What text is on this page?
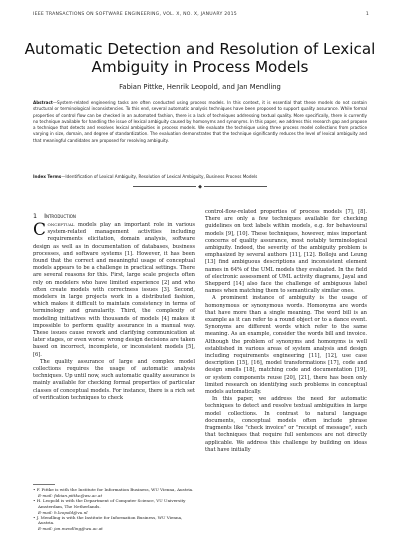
IEEE TRANSACTIONS ON SOFTWARE ENGINEERING, VOL. X, NO. X, JANUARY 2015	1
Automatic Detection and Resolution of Lexical
Ambiguity in Process Models
Fabian Pittke, Henrik Leopold, and Jan Mendling

Abstract—System-related engineering tasks are often conducted using process models. In this context, it is essential that these models do not contain structural or terminological inconsistencies. To this end, several automatic analysis techniques have been proposed to support quality assurance. While formal properties of control flow can be checked in an automated fashion, there is a lack of techniques addressing textual quality. More specifically, there is currently no technique available for handling the issue of lexical ambiguity caused by homonyms and synonyms. In this paper, we address this research gap and propose a technique that detects and resolves lexical ambiguities in process models. We evaluate the technique using three process model collections from practice varying in size, domain, and degree of standardization. The evaluation demonstrates that the technique significantly reduces the level of lexical ambiguity and that meaningful candidates are proposed for resolving ambiguity.

Index Terms—Identification of Lexical Ambiguity, Resolution of Lexical Ambiguity, Business Process Models

◆
1 Introduction

Conceptual models play an important role in various system-related management activities including requirements elicitation, domain analysis, software design as well as in documentation of databases, business processes, and software systems [1]. However, it has been found that the correct and meaningful usage of conceptual models appears to be a challenge in practical settings. There are several reasons for this. First, large scale projects often rely on modelers who have limited experience [2] and who often create models with correctness issues [3]. Second, modelers in large projects work in a distributed fashion, which makes it difficult to maintain consistency in terms of terminology and granularity. Third, the complexity of modeling initiatives with thousands of models [4] makes it impossible to perform quality assurance in a manual way. These issues cause rework and clarifying communication at later stages, or even worse: wrong design decisions are taken based on incorrect, incomplete, or inconsistent models [5], [6].

The quality assurance of large and complex model collections requires the usage of automatic analysis techniques. Up until now, such automatic quality assurance is mainly available for checking formal properties of particular classes of conceptual models. For instance, there is a rich set of verification techniques to check

• F. Pittke is with the Institute for Information Business, WU Vienna, Austria.
E-mail: fabian.pittke@wu.ac.at
• H. Leopold is with the Department of Computer Science, VU University Amsterdam, The Netherlands.
E-mail: h.leopold@vu.nl
• J. Mendling is with the Institute for Information Business, WU Vienna, Austria.
E-mail: jan.mendling@wu.ac.at

control-flow-related properties of process models [7], [8]. There are only a few techniques available for checking guidelines on text labels within models, e.g. for behavioural models [9], [10]. These techniques, however, miss important concerns of quality assurance, most notably terminological ambiguity. Indeed, the severity of the ambiguity problem is emphasized by several authors [11], [12]. Bolloju and Leung [13] find ambiguous descriptions and inconsistent element names in 64% of the UML models they evaluated. In the field of electronic assessment of UML activity diagrams, Jayal and Shepperd [14] also face the challenge of ambiguous label names when matching them to semantically similar ones.

A prominent instance of ambiguity is the usage of homonymous or synonymous words. Homonyms are words that have more than a single meaning. The word bill is an example as it can refer to a round object or to a dance event. Synonyms are different words which refer to the same meaning. As an example, consider the words bill and invoice. Although the problem of synonyms and homonyms is well established in various areas of system analysis and design including requirements engineering [11], [12], use case description [15], [16], model transformations [17], code and design smells [18], matching code and documentation [19], or system components reuse [20], [21], there has been only limited research on identifying such problems in conceptual models automatically.

In this paper, we address the need for automatic techniques to detect and resolve textual ambiguities in large model collections. In contrast to natural language documents, conceptual models often include phrase fragments like "check invoice" or "receipt of message", such that techniques that require full sentences are not directly applicable. We address this challenge by building on ideas that have initially
